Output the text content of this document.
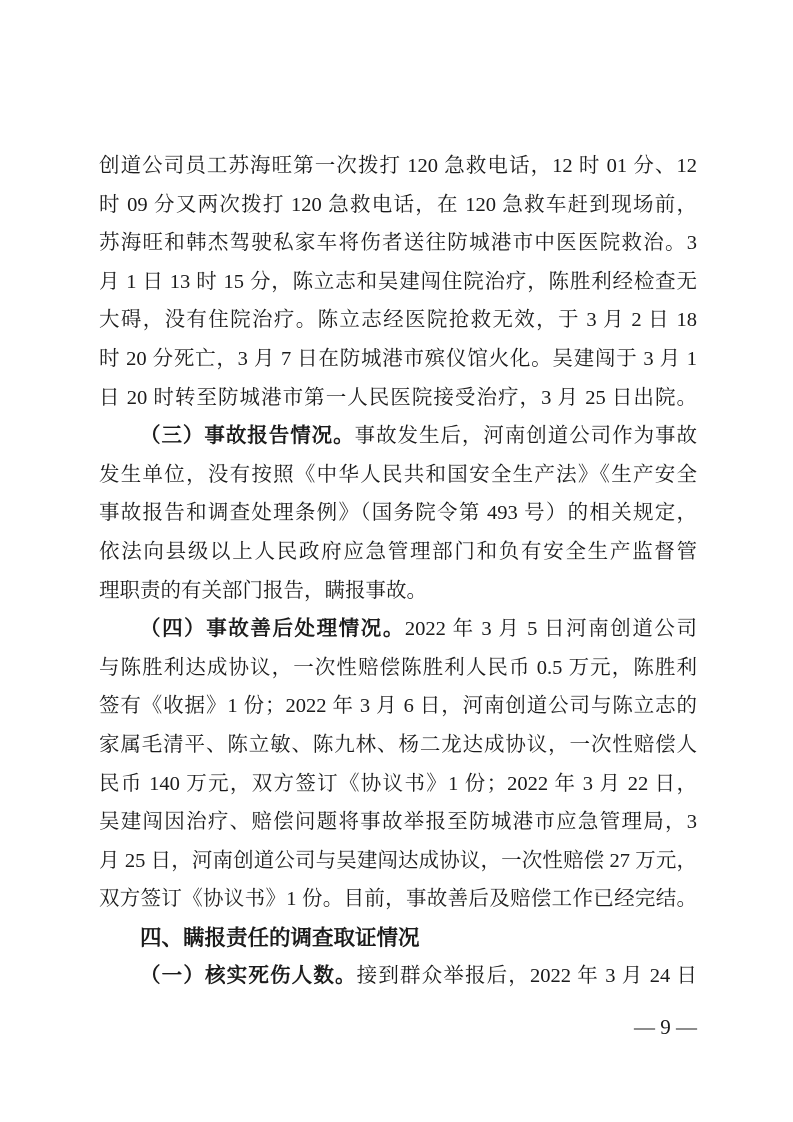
创道公司员工苏海旺第一次拨打 120 急救电话，12 时 01 分、12
时 09 分又两次拨打 120 急救电话，在 120 急救车赶到现场前，
苏海旺和韩杰驾驶私家车将伤者送往防城港市中医医院救治。3
月 1 日 13 时 15 分，陈立志和吴建闯住院治疗，陈胜利经检查无
大碍，没有住院治疗。陈立志经医院抢救无效，于 3 月 2 日 18
时 20 分死亡，3 月 7 日在防城港市殡仪馆火化。吴建闯于 3 月 1
日 20 时转至防城港市第一人民医院接受治疗，3 月 25 日出院。
（三）事故报告情况。事故发生后，河南创道公司作为事故
发生单位，没有按照《中华人民共和国安全生产法》《生产安全
事故报告和调查处理条例》（国务院令第 493 号）的相关规定，
依法向县级以上人民政府应急管理部门和负有安全生产监督管
理职责的有关部门报告，瞒报事故。
（四）事故善后处理情况。2022 年 3 月 5 日河南创道公司
与陈胜利达成协议，一次性赔偿陈胜利人民币 0.5 万元，陈胜利
签有《收据》1 份；2022 年 3 月 6 日，河南创道公司与陈立志的
家属毛清平、陈立敏、陈九林、杨二龙达成协议，一次性赔偿人
民币 140 万元，双方签订《协议书》1 份；2022 年 3 月 22 日，
吴建闯因治疗、赔偿问题将事故举报至防城港市应急管理局，3
月 25 日，河南创道公司与吴建闯达成协议，一次性赔偿 27 万元，
双方签订《协议书》1 份。目前，事故善后及赔偿工作已经完结。
四、瞒报责任的调查取证情况
（一）核实死伤人数。接到群众举报后，2022 年 3 月 24 日
— 9 —
